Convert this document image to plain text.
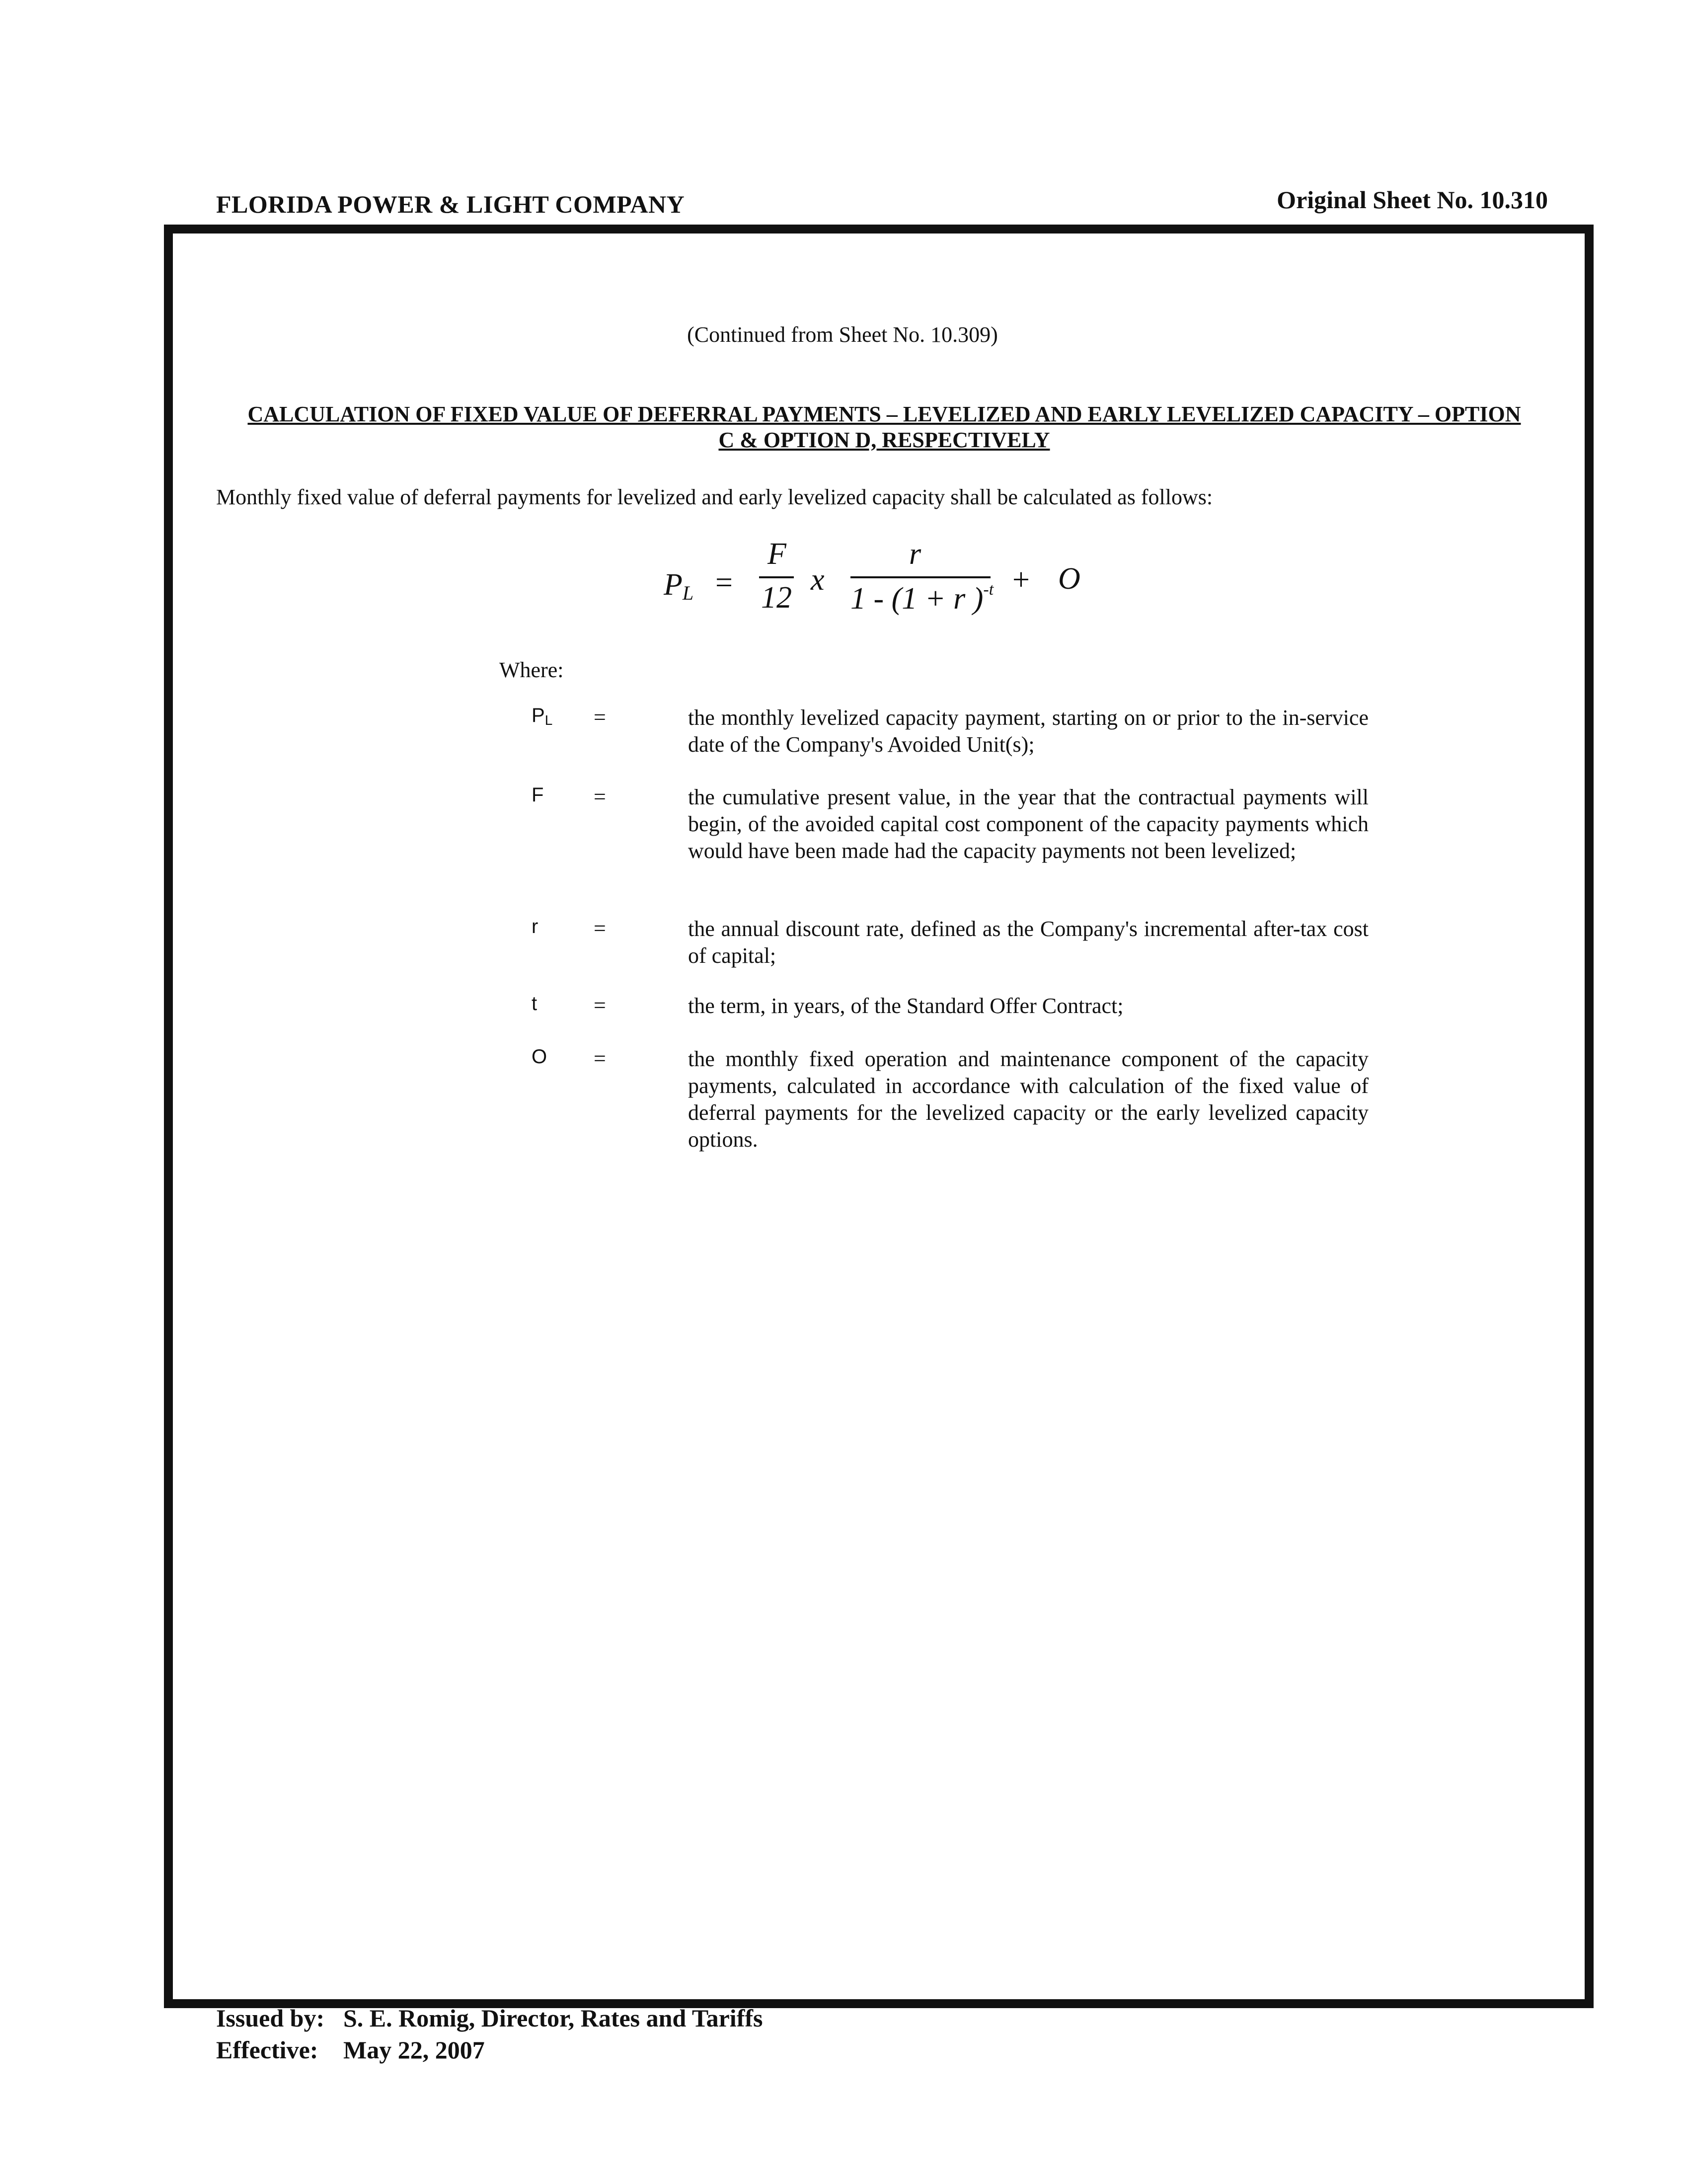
FLORIDA POWER & LIGHT COMPANY	Original Sheet No. 10.310
(Continued from Sheet No. 10.309)
CALCULATION OF FIXED VALUE OF DEFERRAL PAYMENTS – LEVELIZED AND EARLY LEVELIZED CAPACITY – OPTION C & OPTION D, RESPECTIVELY
Monthly fixed value of deferral payments for levelized and early levelized capacity shall be calculated as follows:
$P_L$ =
F
12
x
r
1 - (1 + r )$^{-t}$ + O
Where:
$P_L$ =	the monthly levelized capacity payment, starting on or prior to the in-service date of the Company's Avoided Unit(s);
F =	the cumulative present value, in the year that the contractual payments will begin, of the avoided capital cost component of the capacity payments which would have been made had the capacity payments not been levelized;
r	=	the annual discount rate, defined as the Company's incremental after-tax cost of capital;
t	=	the term, in years, of the Standard Offer Contract;
O =	the monthly fixed operation and maintenance component of the capacity payments, calculated in accordance with calculation of the fixed value of deferral payments for the levelized capacity or the early levelized capacity options.
Issued by: S. E. Romig, Director, Rates and Tariffs
Effective: May 22, 2007
